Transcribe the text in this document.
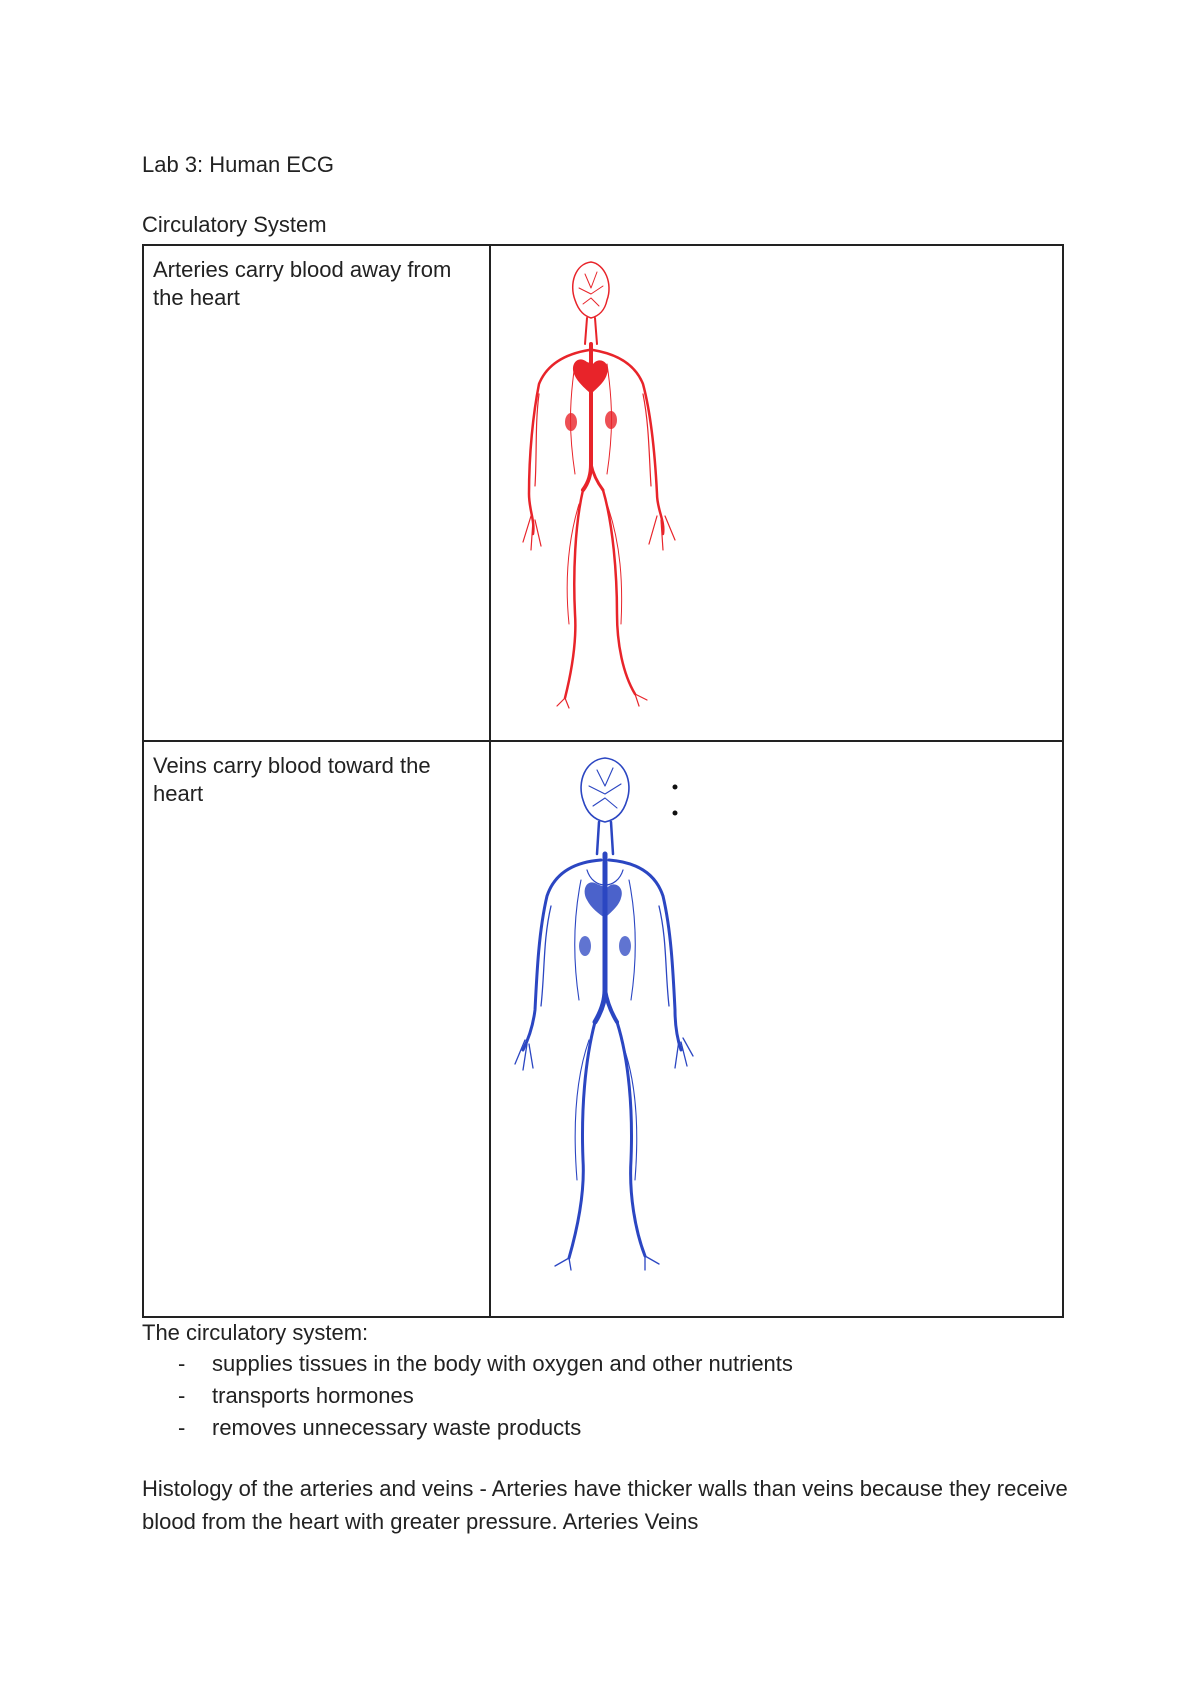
Lab 3: Human ECG

Circulatory System

Arteries carry blood away from the heart	

Veins carry blood toward the heart	

The circulatory system:

- supplies tissues in the body with oxygen and other nutrients
- transports hormones
- removes unnecessary waste products

Histology of the arteries and veins - Arteries have thicker walls than veins because they receive blood from the heart with greater pressure. Arteries Veins
